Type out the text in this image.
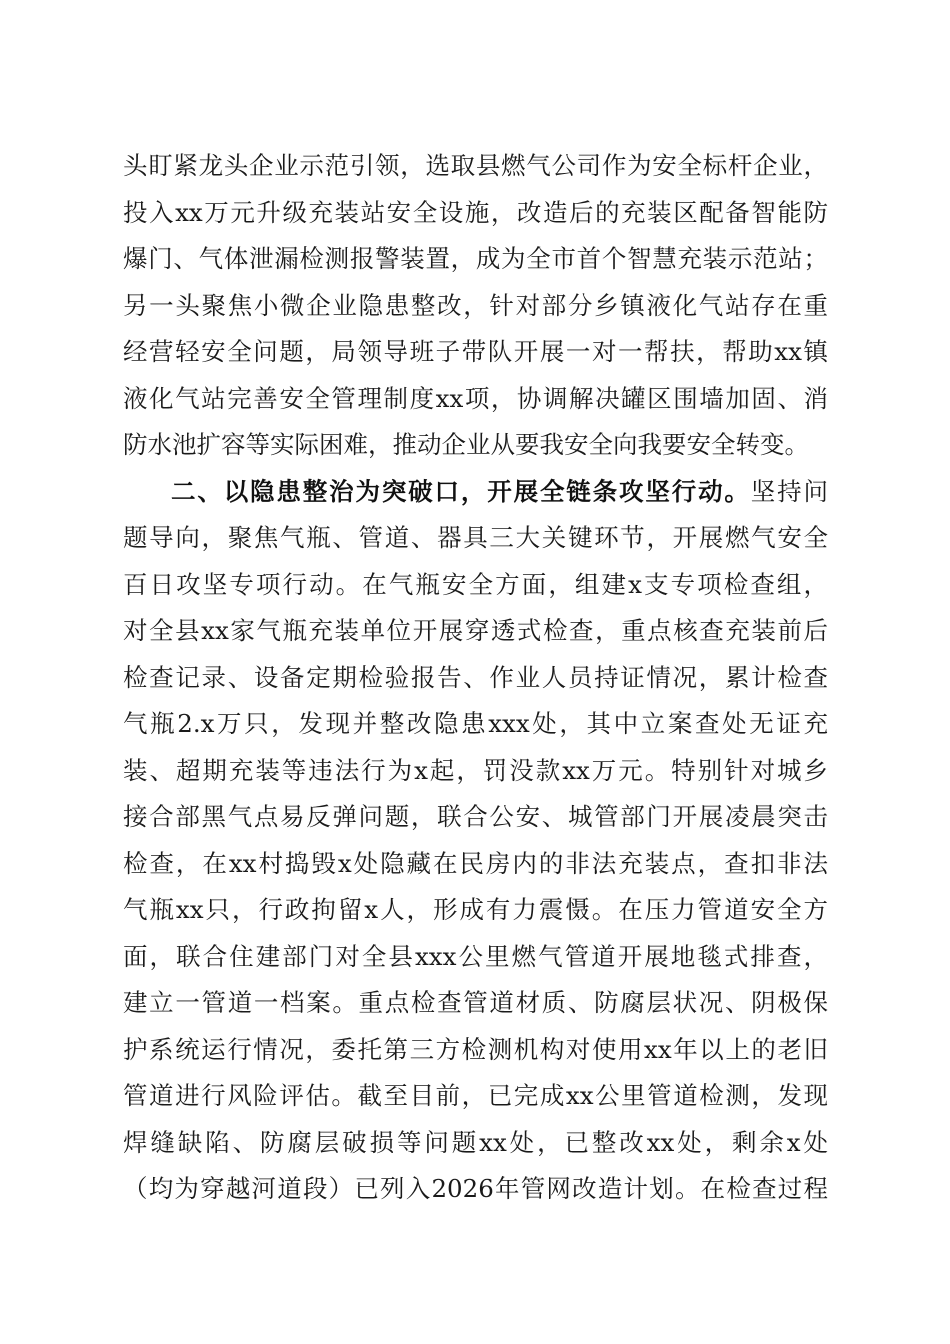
头盯紧龙头企业示范引领，选取县燃气公司作为安全标杆企业，
投入xx万元升级充装站安全设施，改造后的充装区配备智能防
爆门、气体泄漏检测报警装置，成为全市首个智慧充装示范站；
另一头聚焦小微企业隐患整改，针对部分乡镇液化气站存在重
经营轻安全问题，局领导班子带队开展一对一帮扶，帮助xx镇
液化气站完善安全管理制度xx项，协调解决罐区围墙加固、消
防水池扩容等实际困难，推动企业从要我安全向我要安全转变。
二、以隐患整治为突破口，开展全链条攻坚行动。坚持问
题导向，聚焦气瓶、管道、器具三大关键环节，开展燃气安全
百日攻坚专项行动。在气瓶安全方面，组建x支专项检查组，
对全县xx家气瓶充装单位开展穿透式检查，重点核查充装前后
检查记录、设备定期检验报告、作业人员持证情况，累计检查
气瓶2.x万只，发现并整改隐患xxx处，其中立案查处无证充
装、超期充装等违法行为x起，罚没款xx万元。特别针对城乡
接合部黑气点易反弹问题，联合公安、城管部门开展凌晨突击
检查，在xx村捣毁x处隐藏在民房内的非法充装点，查扣非法
气瓶xx只，行政拘留x人，形成有力震慑。在压力管道安全方
面，联合住建部门对全县xxx公里燃气管道开展地毯式排查，
建立一管道一档案。重点检查管道材质、防腐层状况、阴极保
护系统运行情况，委托第三方检测机构对使用xx年以上的老旧
管道进行风险评估。截至目前，已完成xx公里管道检测，发现
焊缝缺陷、防腐层破损等问题xx处，已整改xx处，剩余x处
（均为穿越河道段）已列入2026年管网改造计划。在检查过程
